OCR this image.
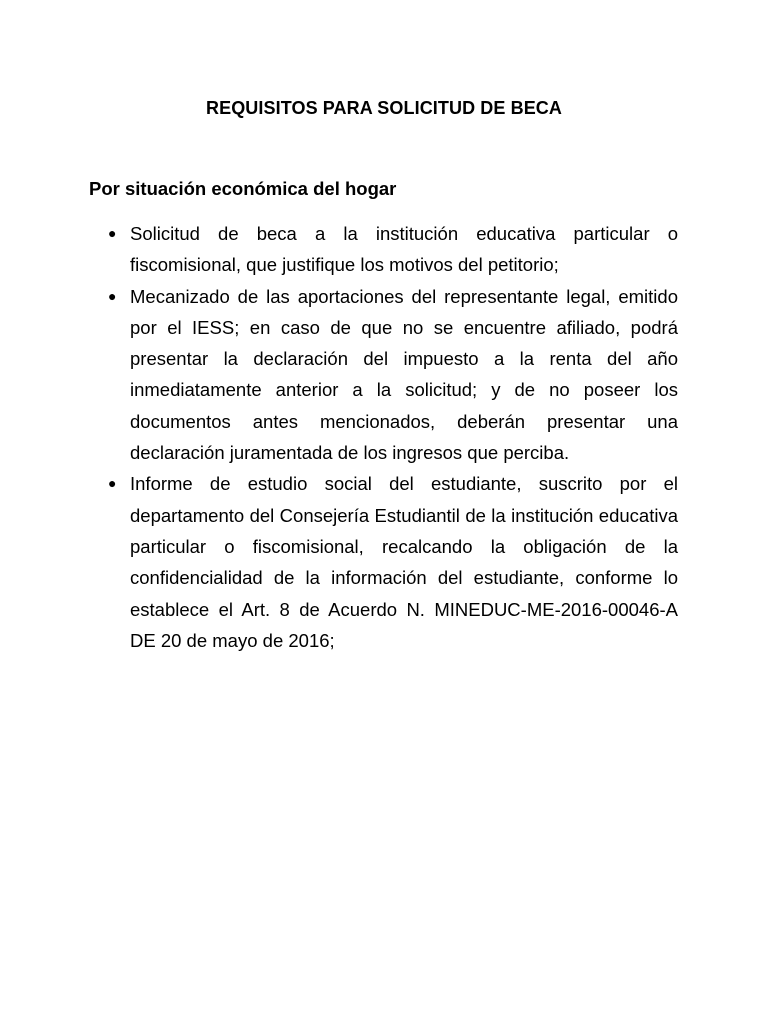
REQUISITOS PARA SOLICITUD DE BECA
Por situación económica del hogar
● Solicitud de beca a la institución educativa particular o fiscomisional, que justifique los motivos del petitorio;
● Mecanizado de las aportaciones del representante legal, emitido por el IESS; en caso de que no se encuentre afiliado, podrá presentar la declaración del impuesto a la renta del año inmediatamente anterior a la solicitud; y de no poseer los documentos antes mencionados, deberán presentar una declaración juramentada de los ingresos que perciba.
● Informe de estudio social del estudiante, suscrito por el departamento del Consejería Estudiantil de la institución educativa particular o fiscomisional, recalcando la obligación de la confidencialidad de la información del estudiante, conforme lo establece el Art. 8 de Acuerdo N. MINEDUC-ME-2016-00046-A DE 20 de mayo de 2016;
